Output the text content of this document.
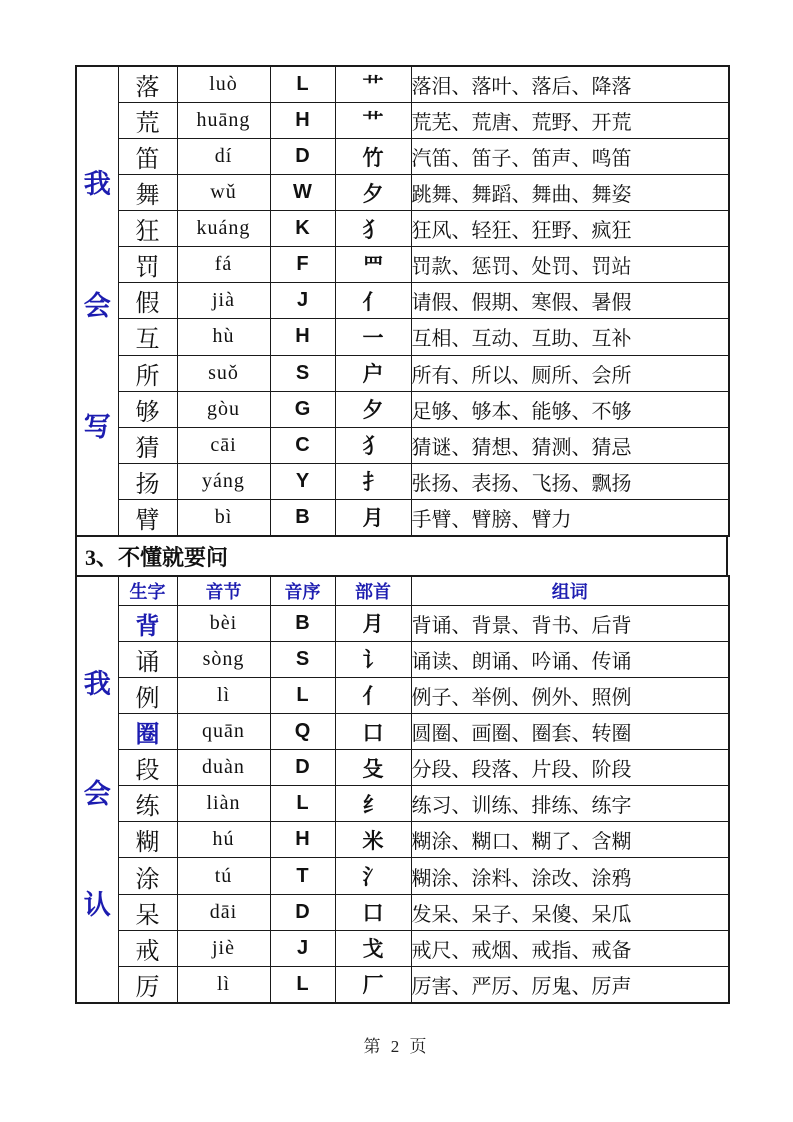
我
会
写	落	luò	L	艹	落泪、落叶、落后、降落
	荒	huāng	H	艹	荒芜、荒唐、荒野、开荒
	笛	dí	D	竹	汽笛、笛子、笛声、鸣笛
	舞	wǔ	W	夕	跳舞、舞蹈、舞曲、舞姿
	狂	kuáng	K	犭	狂风、轻狂、狂野、疯狂
	罚	fá	F	罒	罚款、惩罚、处罚、罚站
	假	jià	J	亻	请假、假期、寒假、暑假
	互	hù	H	一	互相、互动、互助、互补
	所	suǒ	S	户	所有、所以、厕所、会所
	够	gòu	G	夕	足够、够本、能够、不够
	猜	cāi	C	犭	猜谜、猜想、猜测、猜忌
	扬	yáng	Y	扌	张扬、表扬、飞扬、飘扬
	臂	bì	B	月	手臂、臂膀、臂力
3、不懂就要问
我
会
认	生字	音节	音序	部首	组词
	背	bèi	B	月	背诵、背景、背书、后背
	诵	sòng	S	讠	诵读、朗诵、吟诵、传诵
	例	lì	L	亻	例子、举例、例外、照例
	圈	quān	Q	口	圆圈、画圈、圈套、转圈
	段	duàn	D	殳	分段、段落、片段、阶段
	练	liàn	L	纟	练习、训练、排练、练字
	糊	hú	H	米	糊涂、糊口、糊了、含糊
	涂	tú	T	氵	糊涂、涂料、涂改、涂鸦
	呆	dāi	D	口	发呆、呆子、呆傻、呆瓜
	戒	jiè	J	戈	戒尺、戒烟、戒指、戒备
	厉	lì	L	厂	厉害、严厉、厉鬼、厉声
第 2 页
